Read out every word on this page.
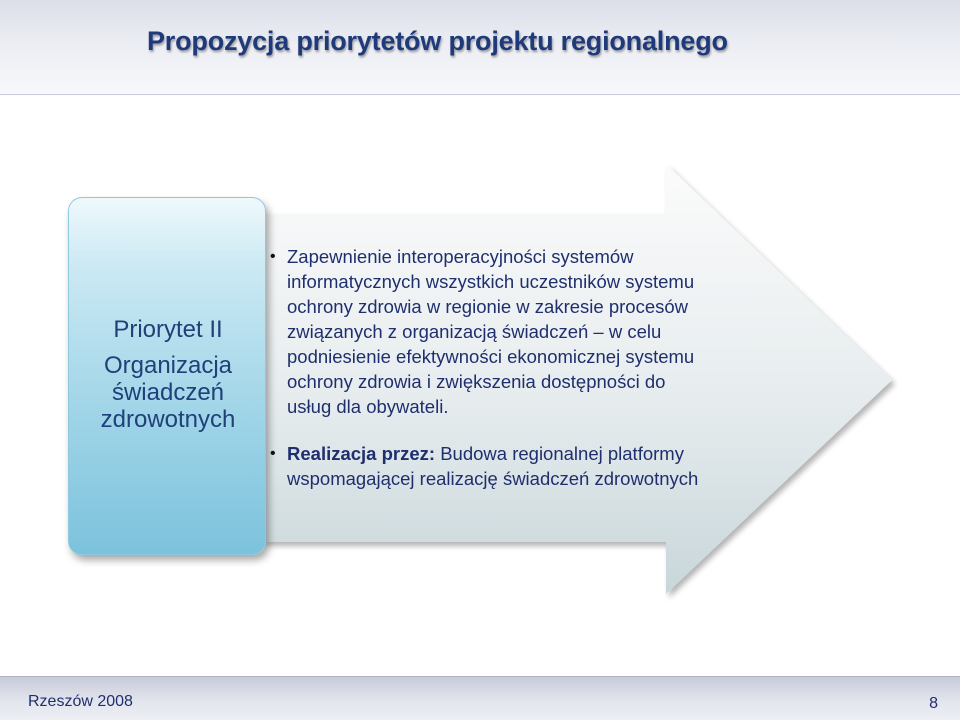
Propozycja priorytetów projektu regionalnego
Priorytet II
Organizacja świadczeń zdrowotnych
• Zapewnienie interoperacyjności systemów informatycznych wszystkich uczestników systemu ochrony zdrowia w regionie w zakresie procesów związanych z organizacją świadczeń – w celu podniesienie efektywności ekonomicznej systemu ochrony zdrowia i zwiększenia dostępności do usług dla obywateli.
• Realizacja przez: Budowa regionalnej platformy wspomagającej realizację świadczeń zdrowotnych
Rzeszów 2008	8
